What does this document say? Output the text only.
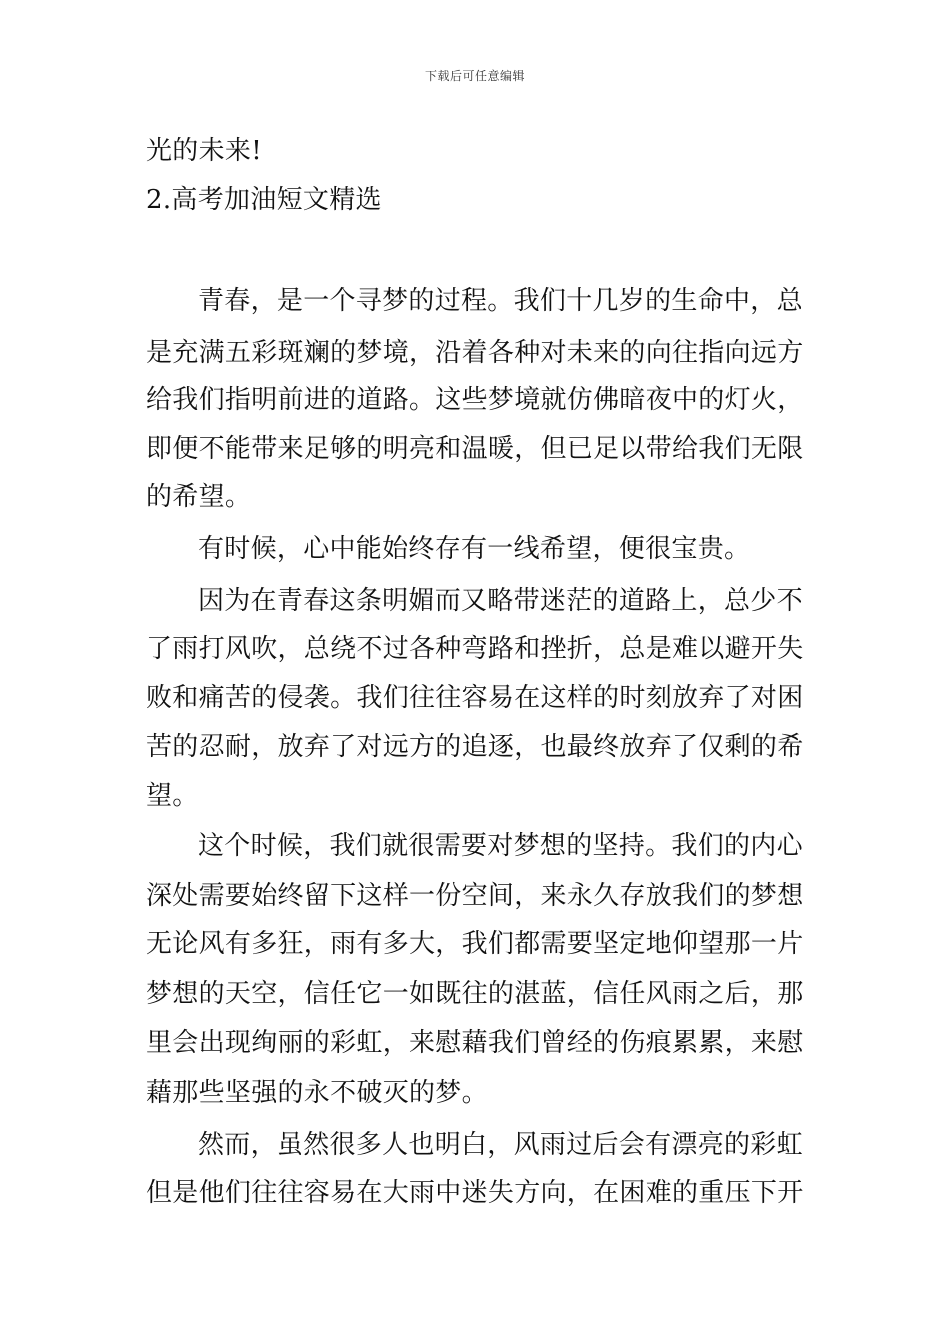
下载后可任意编辑
光的未来!
2.高考加油短文精选
青春，是一个寻梦的过程。我们十几岁的生命中，总
是充满五彩斑斓的梦境，沿着各种对未来的向往指向远方
给我们指明前进的道路。这些梦境就仿佛暗夜中的灯火，
即便不能带来足够的明亮和温暖，但已足以带给我们无限
的希望。
有时候，心中能始终存有一线希望，便很宝贵。
因为在青春这条明媚而又略带迷茫的道路上，总少不
了雨打风吹，总绕不过各种弯路和挫折，总是难以避开失
败和痛苦的侵袭。我们往往容易在这样的时刻放弃了对困
苦的忍耐，放弃了对远方的追逐，也最终放弃了仅剩的希
望。
这个时候，我们就很需要对梦想的坚持。我们的内心
深处需要始终留下这样一份空间，来永久存放我们的梦想
无论风有多狂，雨有多大，我们都需要坚定地仰望那一片
梦想的天空，信任它一如既往的湛蓝，信任风雨之后，那
里会出现绚丽的彩虹，来慰藉我们曾经的伤痕累累，来慰
藉那些坚强的永不破灭的梦。
然而，虽然很多人也明白，风雨过后会有漂亮的彩虹
但是他们往往容易在大雨中迷失方向，在困难的重压下开
